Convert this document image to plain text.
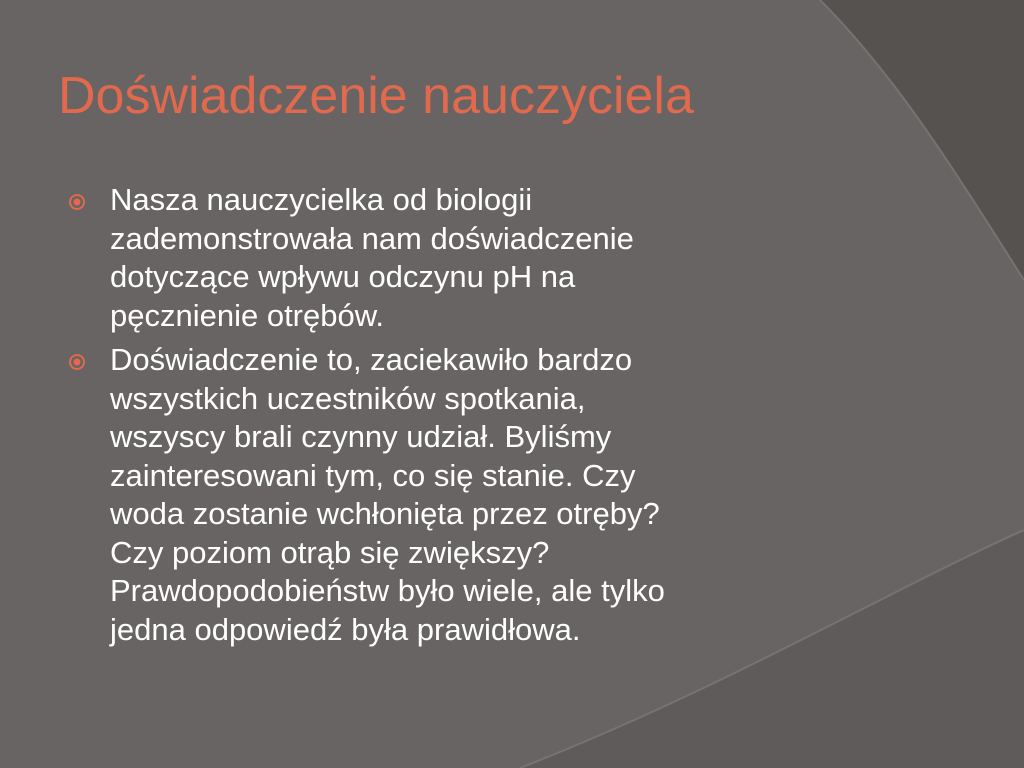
Doświadczenie nauczyciela
Nasza nauczycielka od biologii
zademonstrowała nam doświadczenie
dotyczące wpływu odczynu pH na
pęcznienie otrębów.
Doświadczenie to, zaciekawiło bardzo
wszystkich uczestników spotkania,
wszyscy brali czynny udział. Byliśmy
zainteresowani tym, co się stanie. Czy
woda zostanie wchłonięta przez otręby?
Czy poziom otrąb się zwiększy?
Prawdopodobieństw było wiele, ale tylko
jedna odpowiedź była prawidłowa.
